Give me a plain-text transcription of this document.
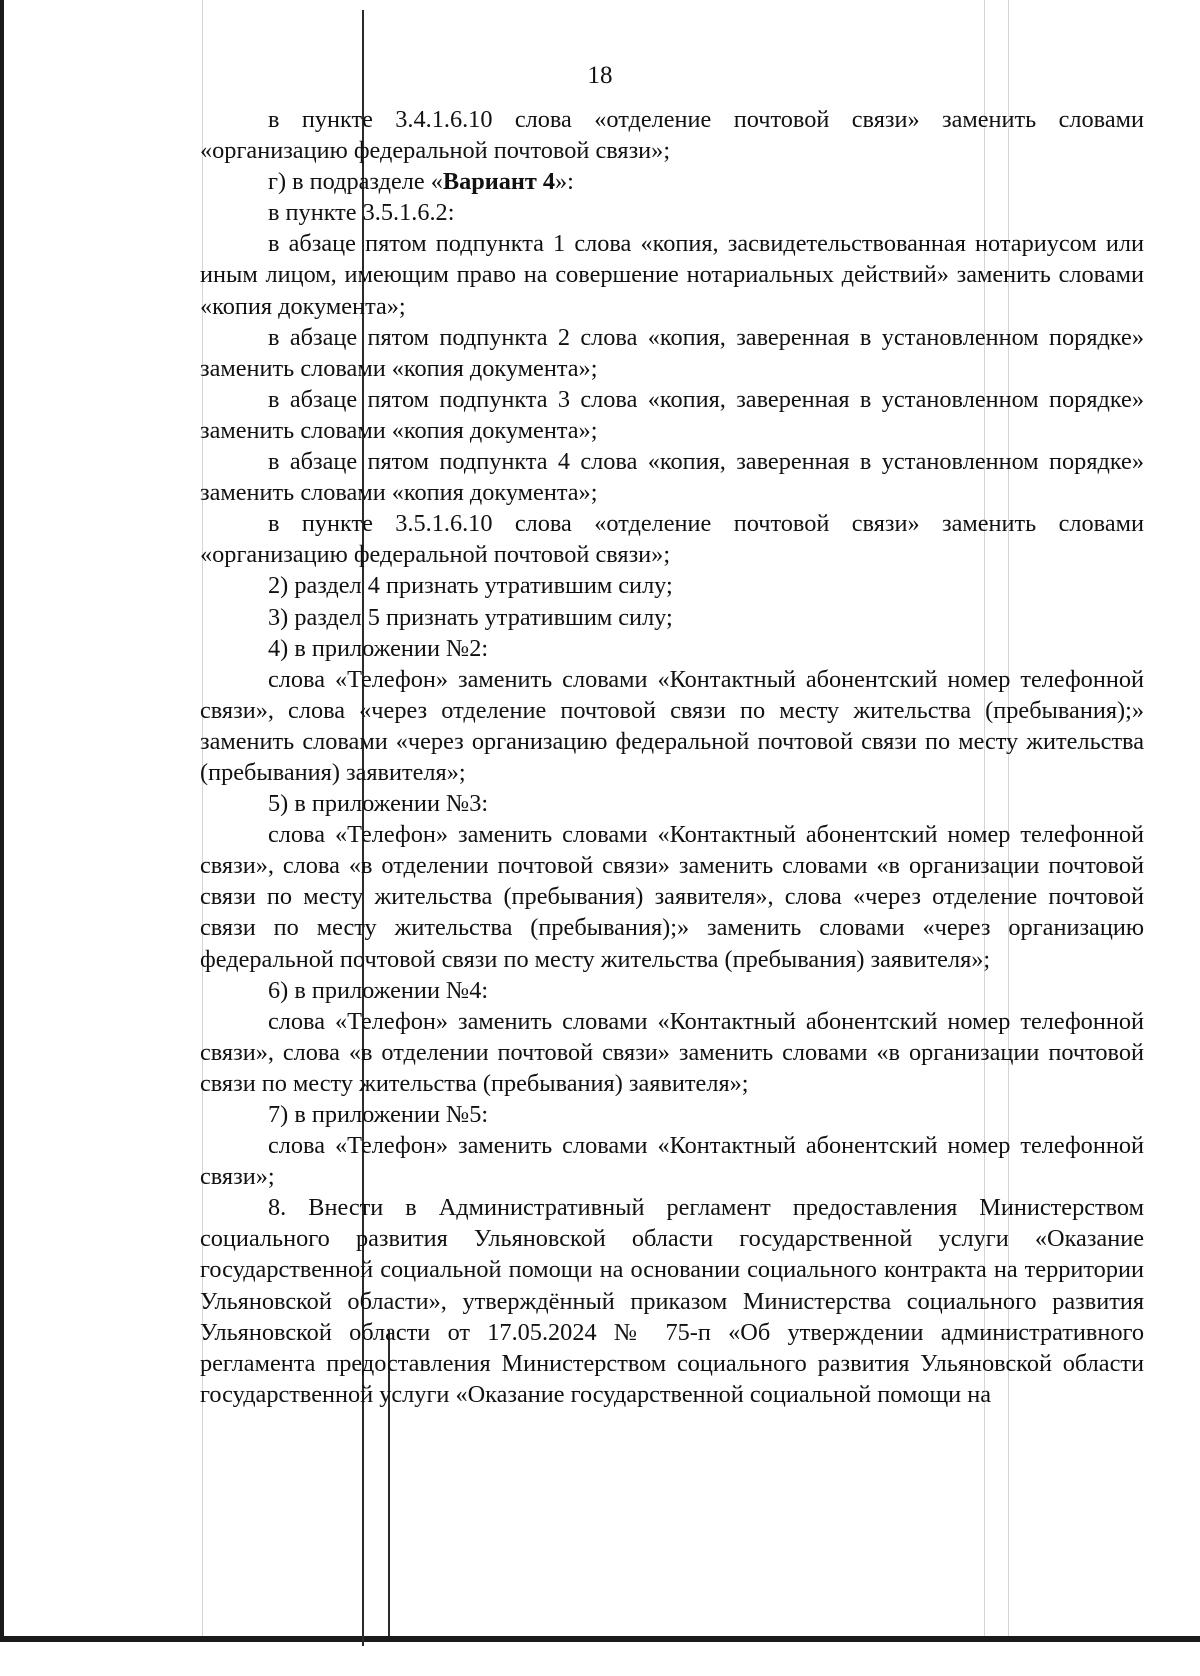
18

в пункте 3.4.1.6.10 слова «отделение почтовой связи» заменить словами «организацию федеральной почтовой связи»;

г) в подразделе «Вариант 4»:

в пункте 3.5.1.6.2:

в абзаце пятом подпункта 1 слова «копия, засвидетельствованная нотариусом или иным лицом, имеющим право на совершение нотариальных действий» заменить словами «копия документа»;

в абзаце пятом подпункта 2 слова «копия, заверенная в установленном порядке» заменить словами «копия документа»;

в абзаце пятом подпункта 3 слова «копия, заверенная в установленном порядке» заменить словами «копия документа»;

в абзаце пятом подпункта 4 слова «копия, заверенная в установленном порядке» заменить словами «копия документа»;

в пункте 3.5.1.6.10 слова «отделение почтовой связи» заменить словами «организацию федеральной почтовой связи»;

2) раздел 4 признать утратившим силу;

3) раздел 5 признать утратившим силу;

4) в приложении №2:

слова «Телефон» заменить словами «Контактный абонентский номер телефонной связи», слова «через отделение почтовой связи по месту жительства (пребывания);» заменить словами «через организацию федеральной почтовой связи по месту жительства (пребывания) заявителя»;

5) в приложении №3:

слова «Телефон» заменить словами «Контактный абонентский номер телефонной связи», слова «в отделении почтовой связи» заменить словами «в организации почтовой связи по месту жительства (пребывания) заявителя», слова «через отделение почтовой связи по месту жительства (пребывания);» заменить словами «через организацию федеральной почтовой связи по месту жительства (пребывания) заявителя»;

6) в приложении №4:

слова «Телефон» заменить словами «Контактный абонентский номер телефонной связи», слова «в отделении почтовой связи» заменить словами «в организации почтовой связи по месту жительства (пребывания) заявителя»;

7) в приложении №5:

слова «Телефон» заменить словами «Контактный абонентский номер телефонной связи»;

8. Внести в Административный регламент предоставления Министерством социального развития Ульяновской области государственной услуги «Оказание государственной социальной помощи на основании социального контракта на территории Ульяновской области», утверждённый приказом Министерства социального развития Ульяновской области от 17.05.2024 № 75-п «Об утверждении административного регламента предоставления Министерством социального развития Ульяновской области государственной услуги «Оказание государственной социальной помощи на
